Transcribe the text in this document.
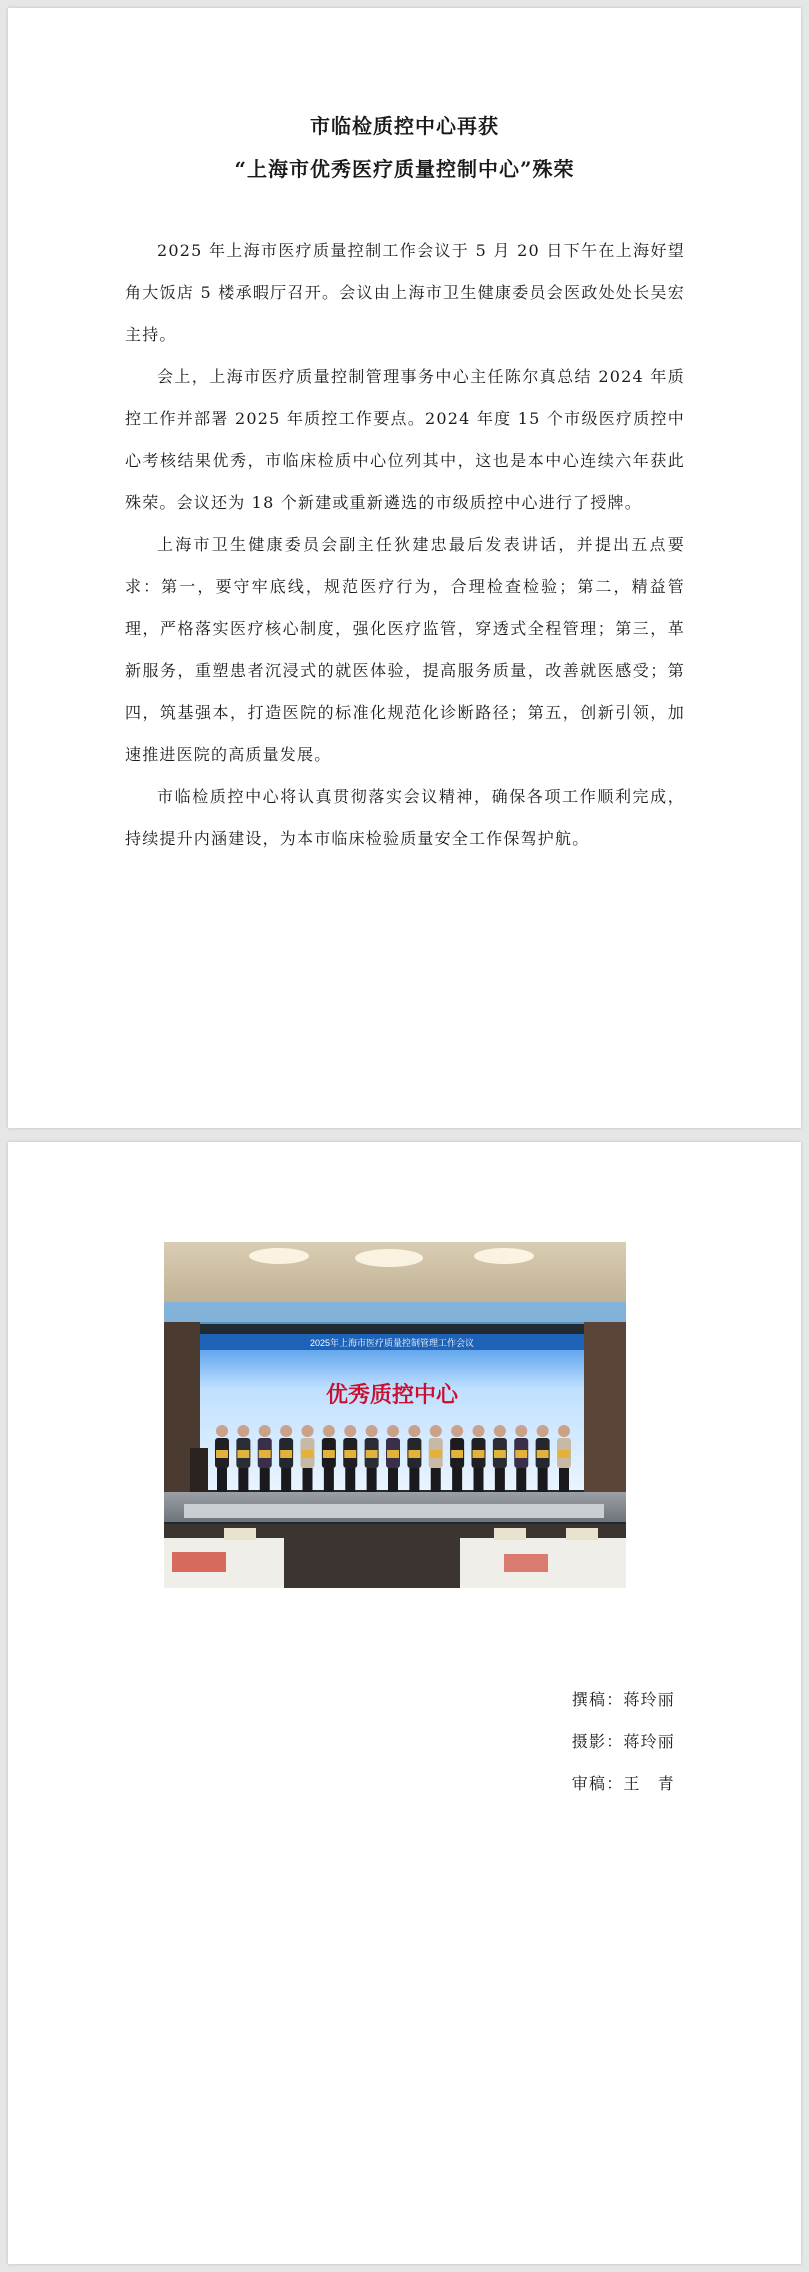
市临检质控中心再获
“上海市优秀医疗质量控制中心”殊荣

2025 年上海市医疗质量控制工作会议于 5 月 20 日下午在上海好望角大饭店 5 楼承暇厅召开。会议由上海市卫生健康委员会医政处处长吴宏主持。

会上，上海市医疗质量控制管理事务中心主任陈尔真总结 2024 年质控工作并部署 2025 年质控工作要点。2024 年度 15 个市级医疗质控中心考核结果优秀，市临床检质中心位列其中，这也是本中心连续六年获此殊荣。会议还为 18 个新建或重新遴选的市级质控中心进行了授牌。

上海市卫生健康委员会副主任狄建忠最后发表讲话，并提出五点要求：第一，要守牢底线，规范医疗行为，合理检查检验；第二，精益管理，严格落实医疗核心制度，强化医疗监管，穿透式全程管理；第三，革新服务，重塑患者沉浸式的就医体验，提高服务质量，改善就医感受；第四，筑基强本，打造医院的标准化规范化诊断路径；第五，创新引领，加速推进医院的高质量发展。

市临检质控中心将认真贯彻落实会议精神，确保各项工作顺利完成，持续提升内涵建设，为本市临床检验质量安全工作保驾护航。

2025年上海市医疗质量控制管理工作会议
优秀质控中心
撰稿：蒋玲丽
摄影：蒋玲丽
审稿：王　青
